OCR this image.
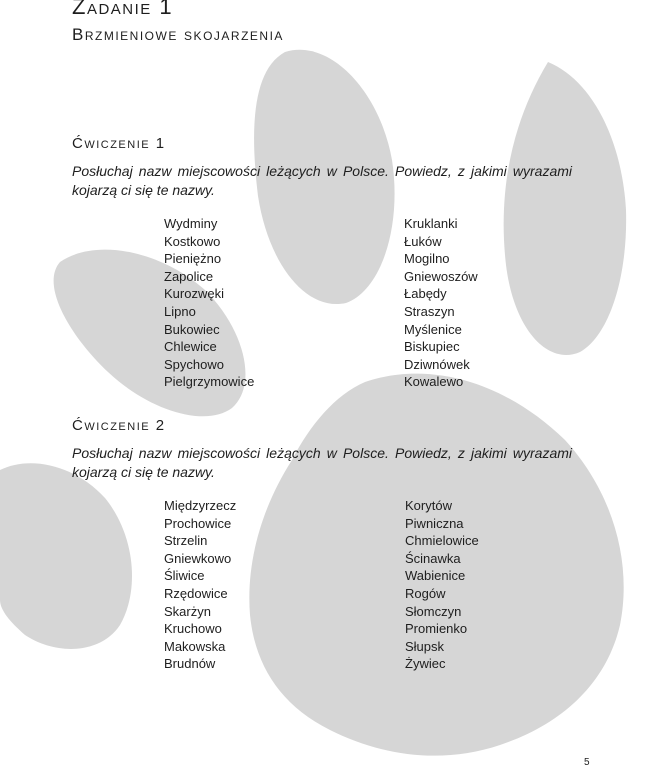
Zadanie 1
Brzmieniowe skojarzenia
Ćwiczenie 1
Posłuchaj nazw miejscowości leżących w Polsce. Powiedz, z jakimi wyrazami kojarzą ci się te nazwy.
Wydminy
Kostkowo
Pieniężno
Zapolice
Kurozwęki
Lipno
Bukowiec
Chlewice
Spychowo
Pielgrzymowice
Kruklanki
Łuków
Mogilno
Gniewoszów
Łabędy
Straszyn
Myślenice
Biskupiec
Dziwnówek
Kowalewo
Ćwiczenie 2
Posłuchaj nazw miejscowości leżących w Polsce. Powiedz, z jakimi wyrazami kojarzą ci się te nazwy.
Międzyrzecz
Prochowice
Strzelin
Gniewkowo
Śliwice
Rzędowice
Skarżyn
Kruchowo
Makowska
Brudnów
Korytów
Piwniczna
Chmielowice
Ścinawka
Wabienice
Rogów
Słomczyn
Promienko
Słupsk
Żywiec
5
